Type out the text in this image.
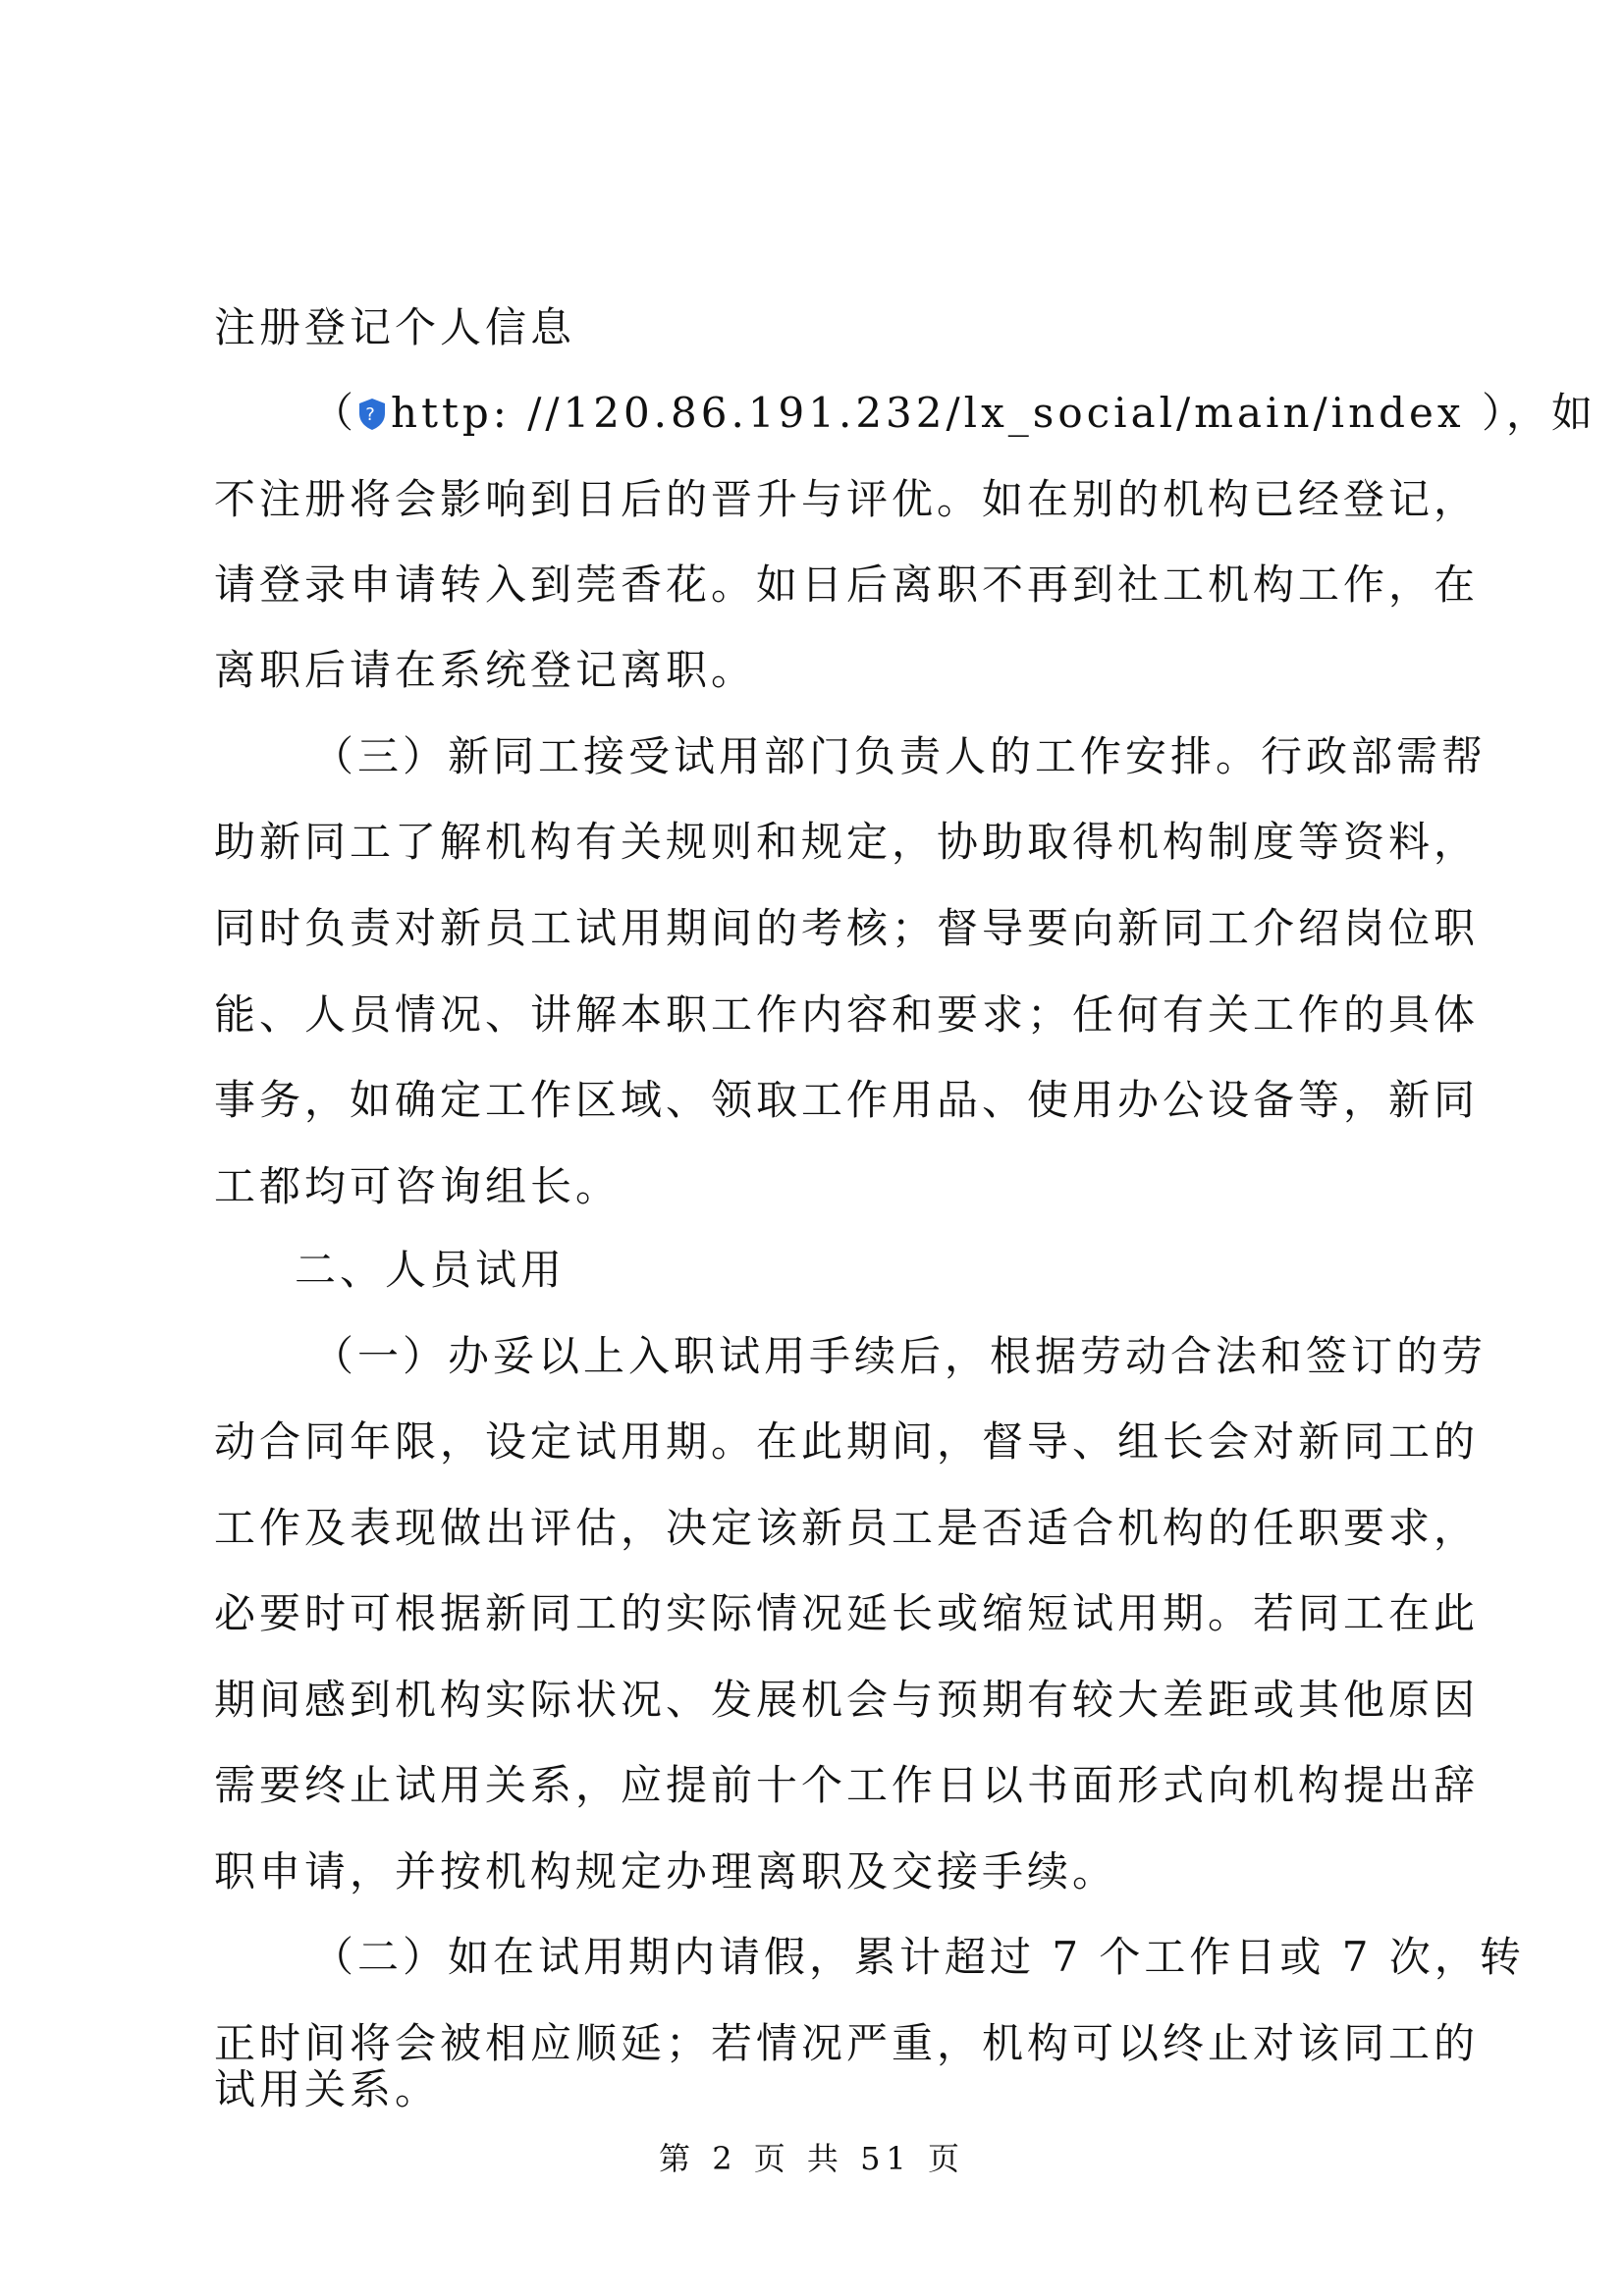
注册登记个人信息
（ ? http: //120.86.191.232/lx_social/main/index ），如
不注册将会影响到日后的晋升与评优。如在别的机构已经登记，
请登录申请转入到莞香花。如日后离职不再到社工机构工作，在
离职后请在系统登记离职。
（三）新同工接受试用部门负责人的工作安排。行政部需帮
助新同工了解机构有关规则和规定，协助取得机构制度等资料，
同时负责对新员工试用期间的考核；督导要向新同工介绍岗位职
能、人员情况、讲解本职工作内容和要求；任何有关工作的具体
事务，如确定工作区域、领取工作用品、使用办公设备等，新同
工都均可咨询组长。
二、人员试用
（一）办妥以上入职试用手续后，根据劳动合法和签订的劳
动合同年限，设定试用期。在此期间，督导、组长会对新同工的
工作及表现做出评估，决定该新员工是否适合机构的任职要求，
必要时可根据新同工的实际情况延长或缩短试用期。若同工在此
期间感到机构实际状况、发展机会与预期有较大差距或其他原因
需要终止试用关系，应提前十个工作日以书面形式向机构提出辞
职申请，并按机构规定办理离职及交接手续。
（二）如在试用期内请假，累计超过 7 个工作日或 7 次，转
正时间将会被相应顺延；若情况严重，机构可以终止对该同工的
试用关系。
第 2 页 共 51 页
